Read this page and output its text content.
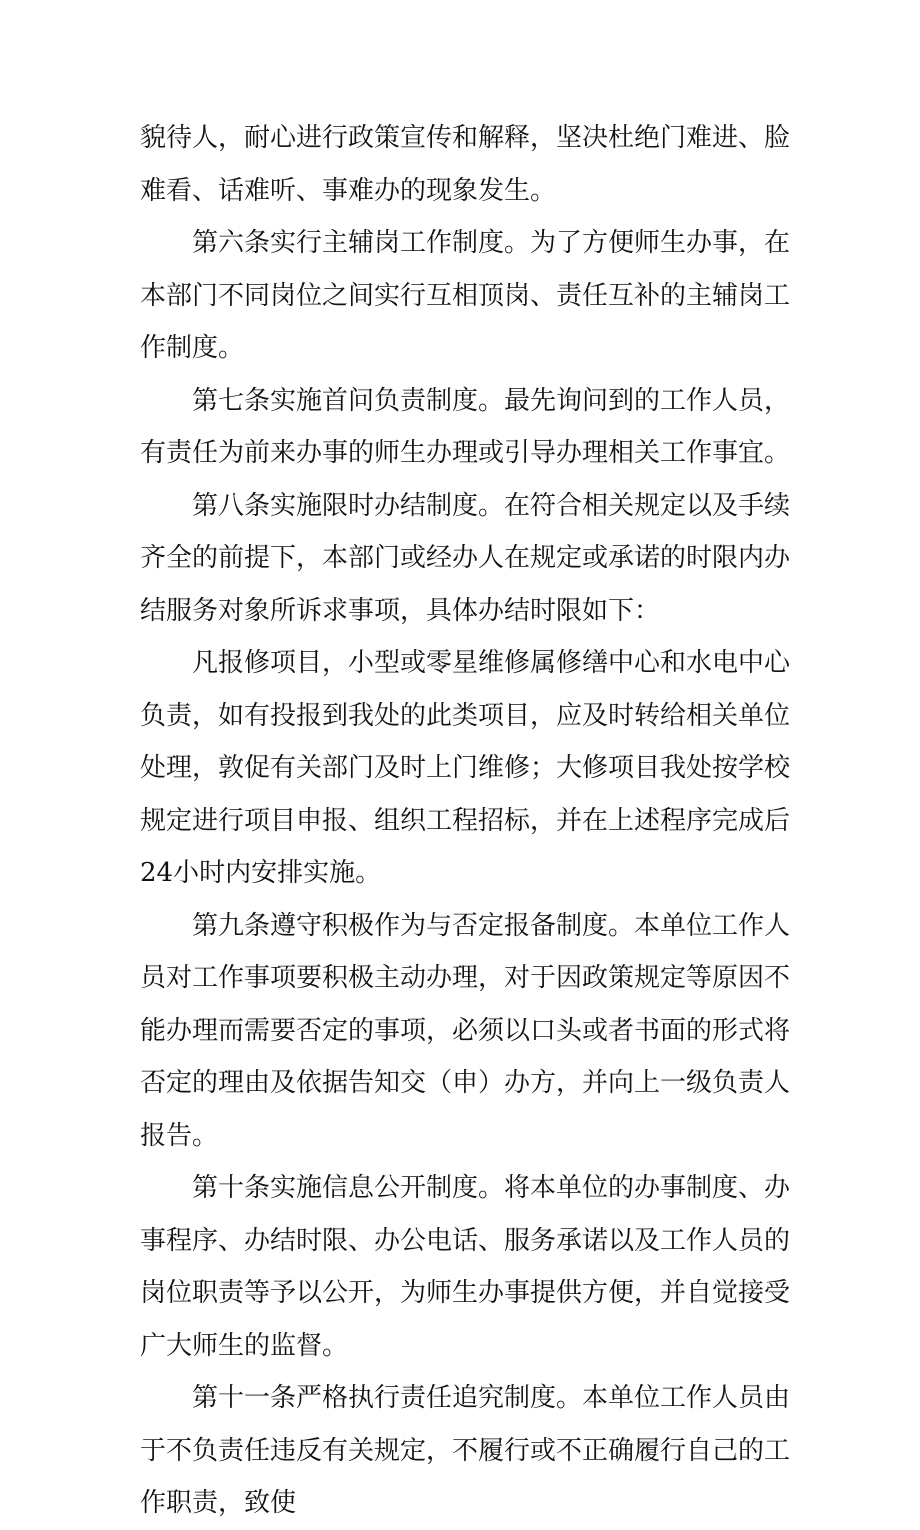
貌待人，耐心进行政策宣传和解释，坚决杜绝门难进、脸难看、话难听、事难办的现象发生。

第六条实行主辅岗工作制度。为了方便师生办事，在本部门不同岗位之间实行互相顶岗、责任互补的主辅岗工作制度。

第七条实施首问负责制度。最先询问到的工作人员，有责任为前来办事的师生办理或引导办理相关工作事宜。

第八条实施限时办结制度。在符合相关规定以及手续齐全的前提下，本部门或经办人在规定或承诺的时限内办结服务对象所诉求事项，具体办结时限如下：

凡报修项目，小型或零星维修属修缮中心和水电中心负责，如有投报到我处的此类项目，应及时转给相关单位处理，敦促有关部门及时上门维修；大修项目我处按学校规定进行项目申报、组织工程招标，并在上述程序完成后24小时内安排实施。

第九条遵守积极作为与否定报备制度。本单位工作人员对工作事项要积极主动办理，对于因政策规定等原因不能办理而需要否定的事项，必须以口头或者书面的形式将否定的理由及依据告知交（申）办方，并向上一级负责人报告。

第十条实施信息公开制度。将本单位的办事制度、办事程序、办结时限、办公电话、服务承诺以及工作人员的岗位职责等予以公开，为师生办事提供方便，并自觉接受广大师生的监督。

第十一条严格执行责任追究制度。本单位工作人员由于不负责任违反有关规定，不履行或不正确履行自己的工作职责，致使
